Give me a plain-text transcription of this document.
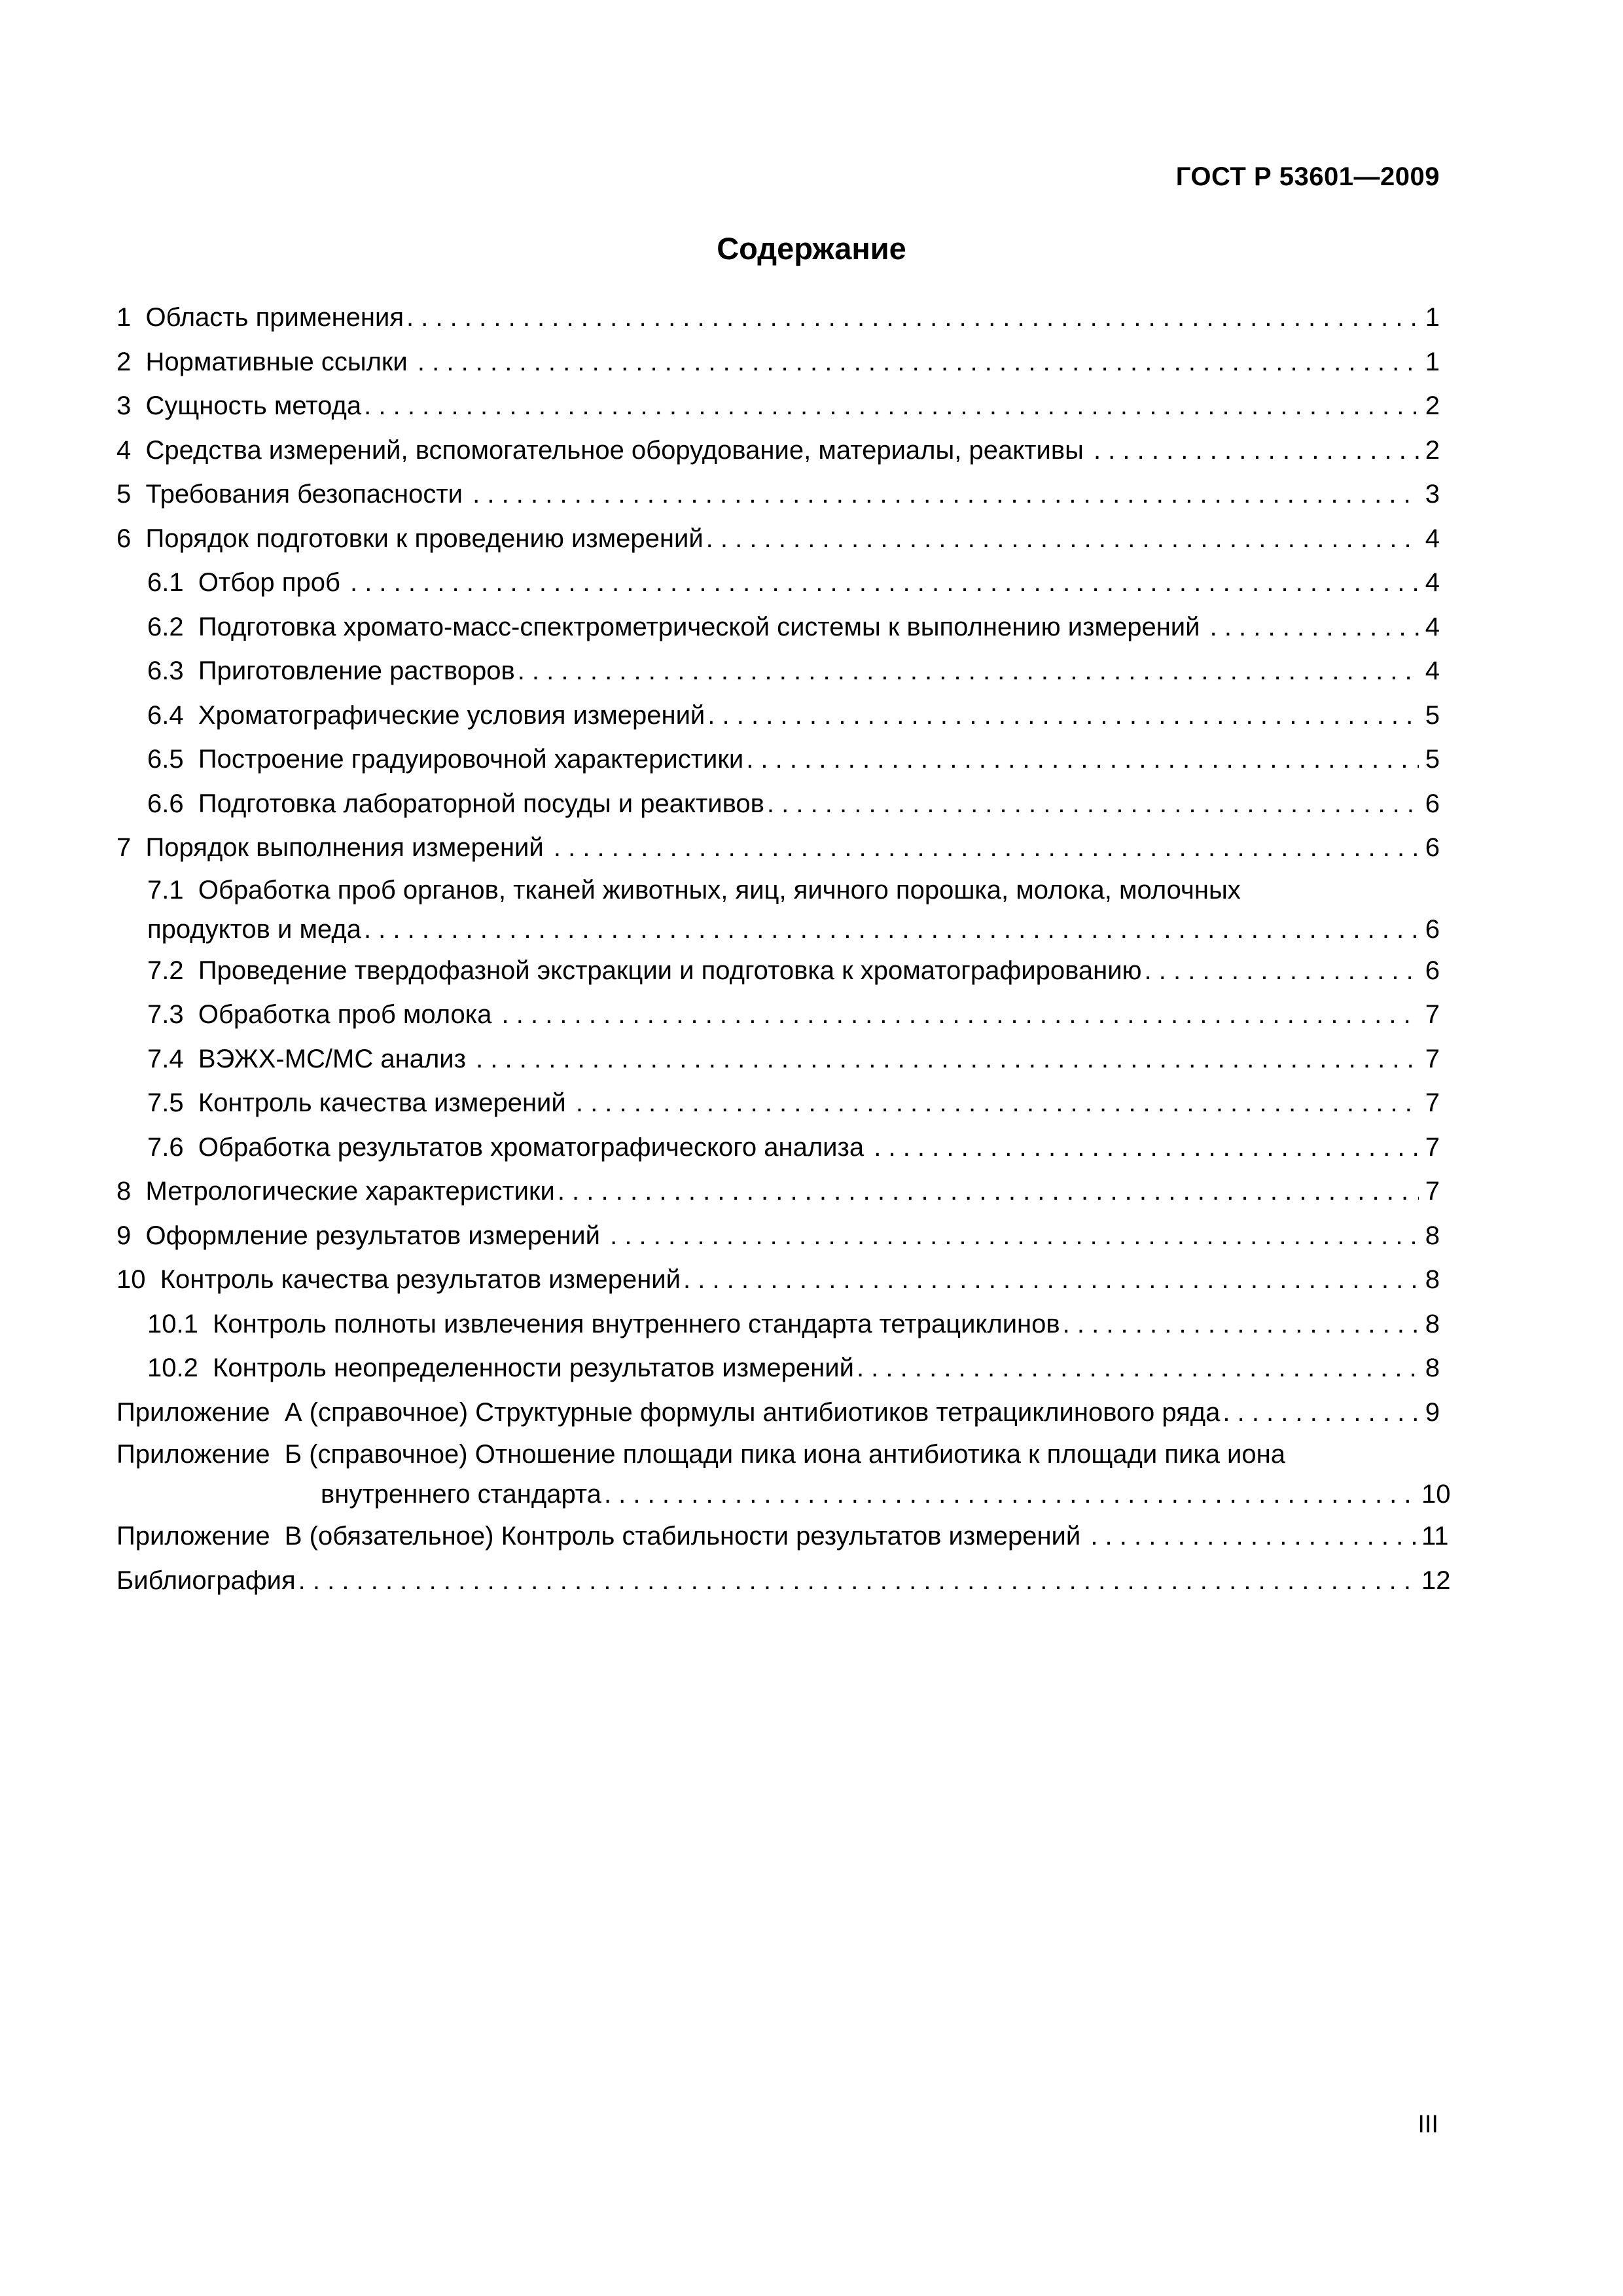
ГОСТ Р 53601—2009
Содержание
1 Область применения . . .	1
2 Нормативные ссылки . . .	1
3 Сущность метода . . .	2
4 Средства измерений, вспомогательное оборудование, материалы, реактивы . . .	2
5 Требования безопасности . . .	3
6 Порядок подготовки к проведению измерений . . .	4
6.1 Отбор проб . . .	4
6.2 Подготовка хромато-масс-спектрометрической системы к выполнению измерений . . .	4
6.3 Приготовление растворов . . .	4
6.4 Хроматографические условия измерений . . .	5
6.5 Построение градуировочной характеристики . . .	5
6.6 Подготовка лабораторной посуды и реактивов . . .	6
7 Порядок выполнения измерений . . .	6
7.1 Обработка проб органов, тканей животных, яиц, яичного порошка, молока, молочных
продуктов и меда . . .	6
7.2 Проведение твердофазной экстракции и подготовка к хроматографированию . . .	6
7.3 Обработка проб молока . . .	7
7.4 ВЭЖХ-МС/МС анализ . . .	7
7.5 Контроль качества измерений . . .	7
7.6 Обработка результатов хроматографического анализа . . .	7
8 Метрологические характеристики . . .	7
9 Оформление результатов измерений . . .	8
10 Контроль качества результатов измерений . . .	8
10.1 Контроль полноты извлечения внутреннего стандарта тетрациклинов . . .	8
10.2 Контроль неопределенности результатов измерений . . .	8
Приложение  А (справочное) Структурные формулы антибиотиков тетрациклинового ряда . . .	9
Приложение  Б (справочное) Отношение площади пика иона антибиотика к площади пика иона
внутреннего стандарта . . .	10
Приложение  В (обязательное) Контроль стабильности результатов измерений . . .	11
Библиография . . .	12
III
